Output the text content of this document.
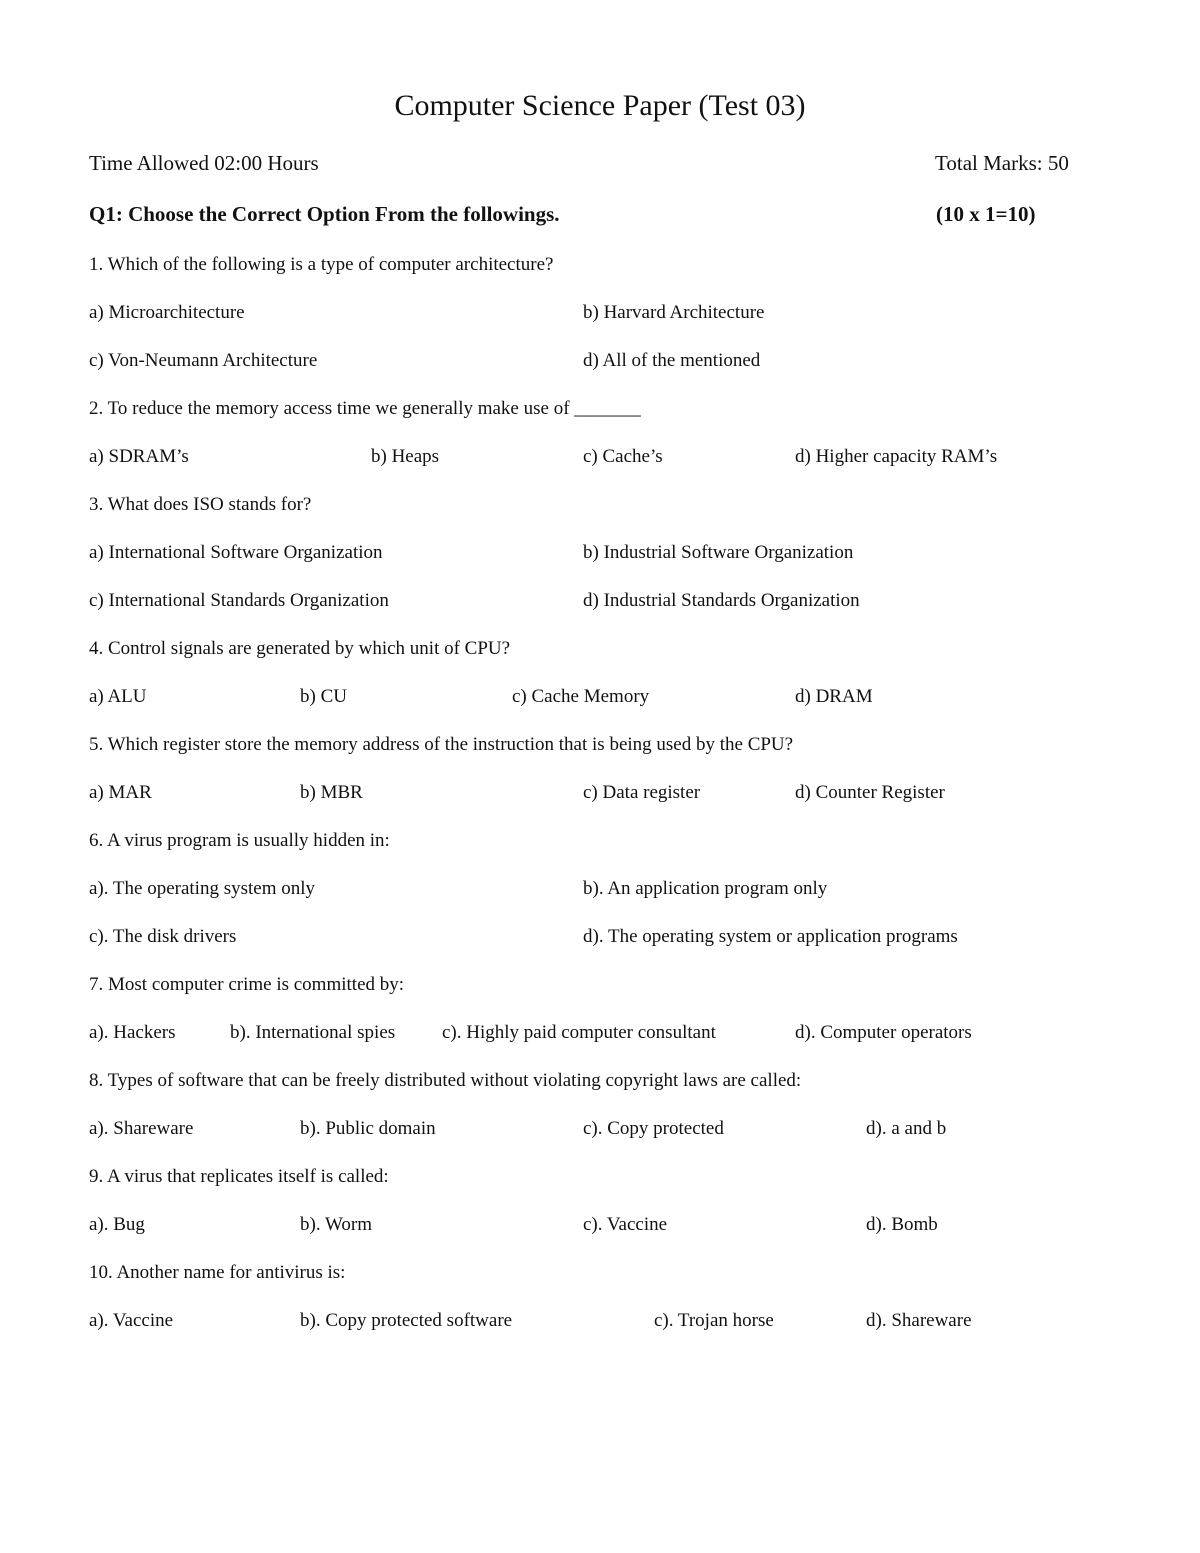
Computer Science Paper (Test 03)
Time Allowed 02:00 Hours	Total Marks: 50
Q1: Choose the Correct Option From the followings.	(10 x 1=10)
1. Which of the following is a type of computer architecture?
a) Microarchitecture	b) Harvard Architecture
c) Von-Neumann Architecture	d) All of the mentioned
2. To reduce the memory access time we generally make use of _______
a) SDRAM’s	b) Heaps	c) Cache’s	d) Higher capacity RAM’s
3. What does ISO stands for?
a) International Software Organization	b) Industrial Software Organization
c) International Standards Organization	d) Industrial Standards Organization
4. Control signals are generated by which unit of CPU?
a) ALU	b) CU	c) Cache Memory	d) DRAM
5. Which register store the memory address of the instruction that is being used by the CPU?
a) MAR	b) MBR	c) Data register	d) Counter Register
6. A virus program is usually hidden in:
a). The operating system only	b). An application program only
c). The disk drivers	d). The operating system or application programs
7. Most computer crime is committed by:
a). Hackers	b). International spies c). Highly paid computer consultant	d). Computer operators
8. Types of software that can be freely distributed without violating copyright laws are called:
a). Shareware	b). Public domain	c). Copy protected	d). a and b
9. A virus that replicates itself is called:
a). Bug	b). Worm	c). Vaccine	d). Bomb
10. Another name for antivirus is:
a). Vaccine	b). Copy protected software	c). Trojan horse	d). Shareware
